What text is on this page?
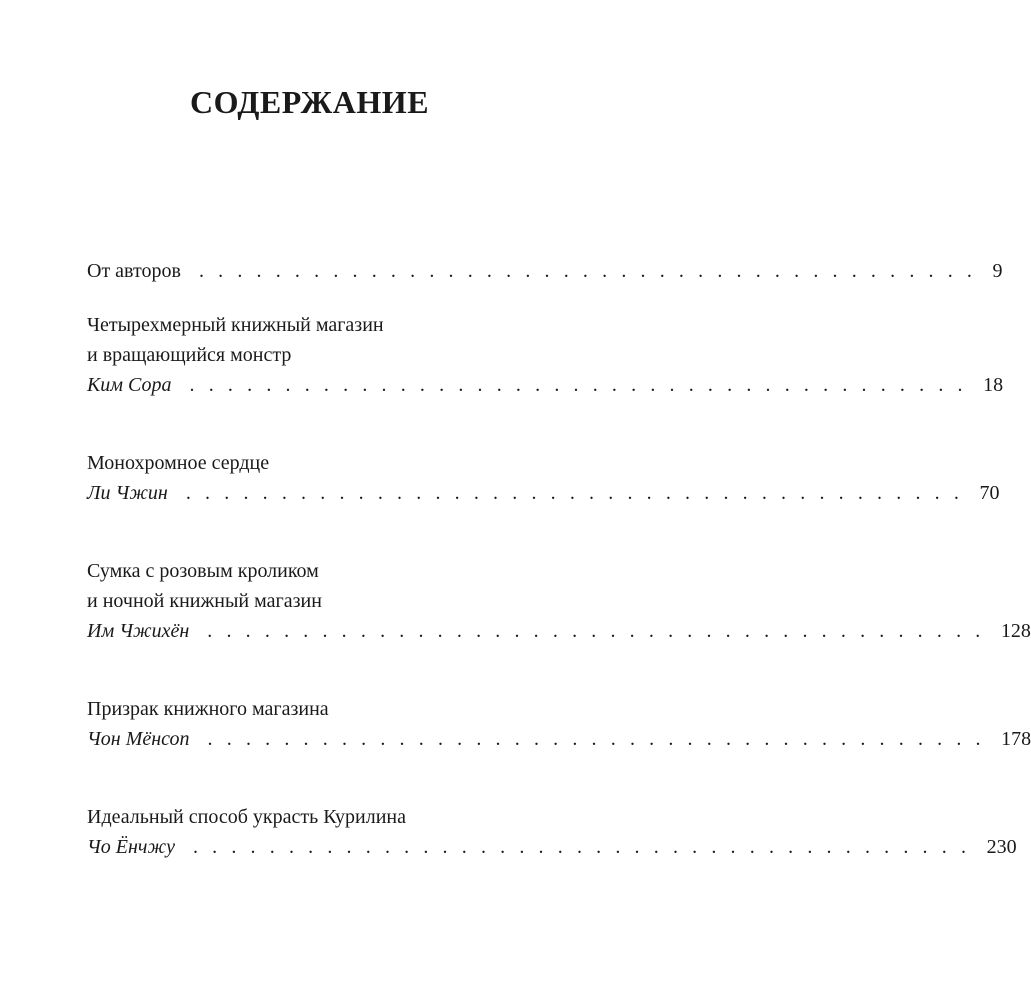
СОДЕРЖАНИЕ
От авторов . . . . . . . . . . . . . . . . . . . . . . . . . . . . . . . . . . . . . . . . . 9
Четырехмерный книжный магазин
и вращающийся монстр
Ким Сора . . . . . . . . . . . . . . . . . . . . . . . . . . . . . . . . . . . . . . . . . 18
Монохромное сердце
Ли Чжин . . . . . . . . . . . . . . . . . . . . . . . . . . . . . . . . . . . . . . . . . 70
Сумка с розовым кроликом
и ночной книжный магазин
Им Чжихён . . . . . . . . . . . . . . . . . . . . . . . . . . . . . . . . . . . . . . . . . 128
Призрак книжного магазина
Чон Мёнсоп . . . . . . . . . . . . . . . . . . . . . . . . . . . . . . . . . . . . . . . . . 178
Идеальный способ украсть Курилина
Чо Ёнчжу . . . . . . . . . . . . . . . . . . . . . . . . . . . . . . . . . . . . . . . . . 230
